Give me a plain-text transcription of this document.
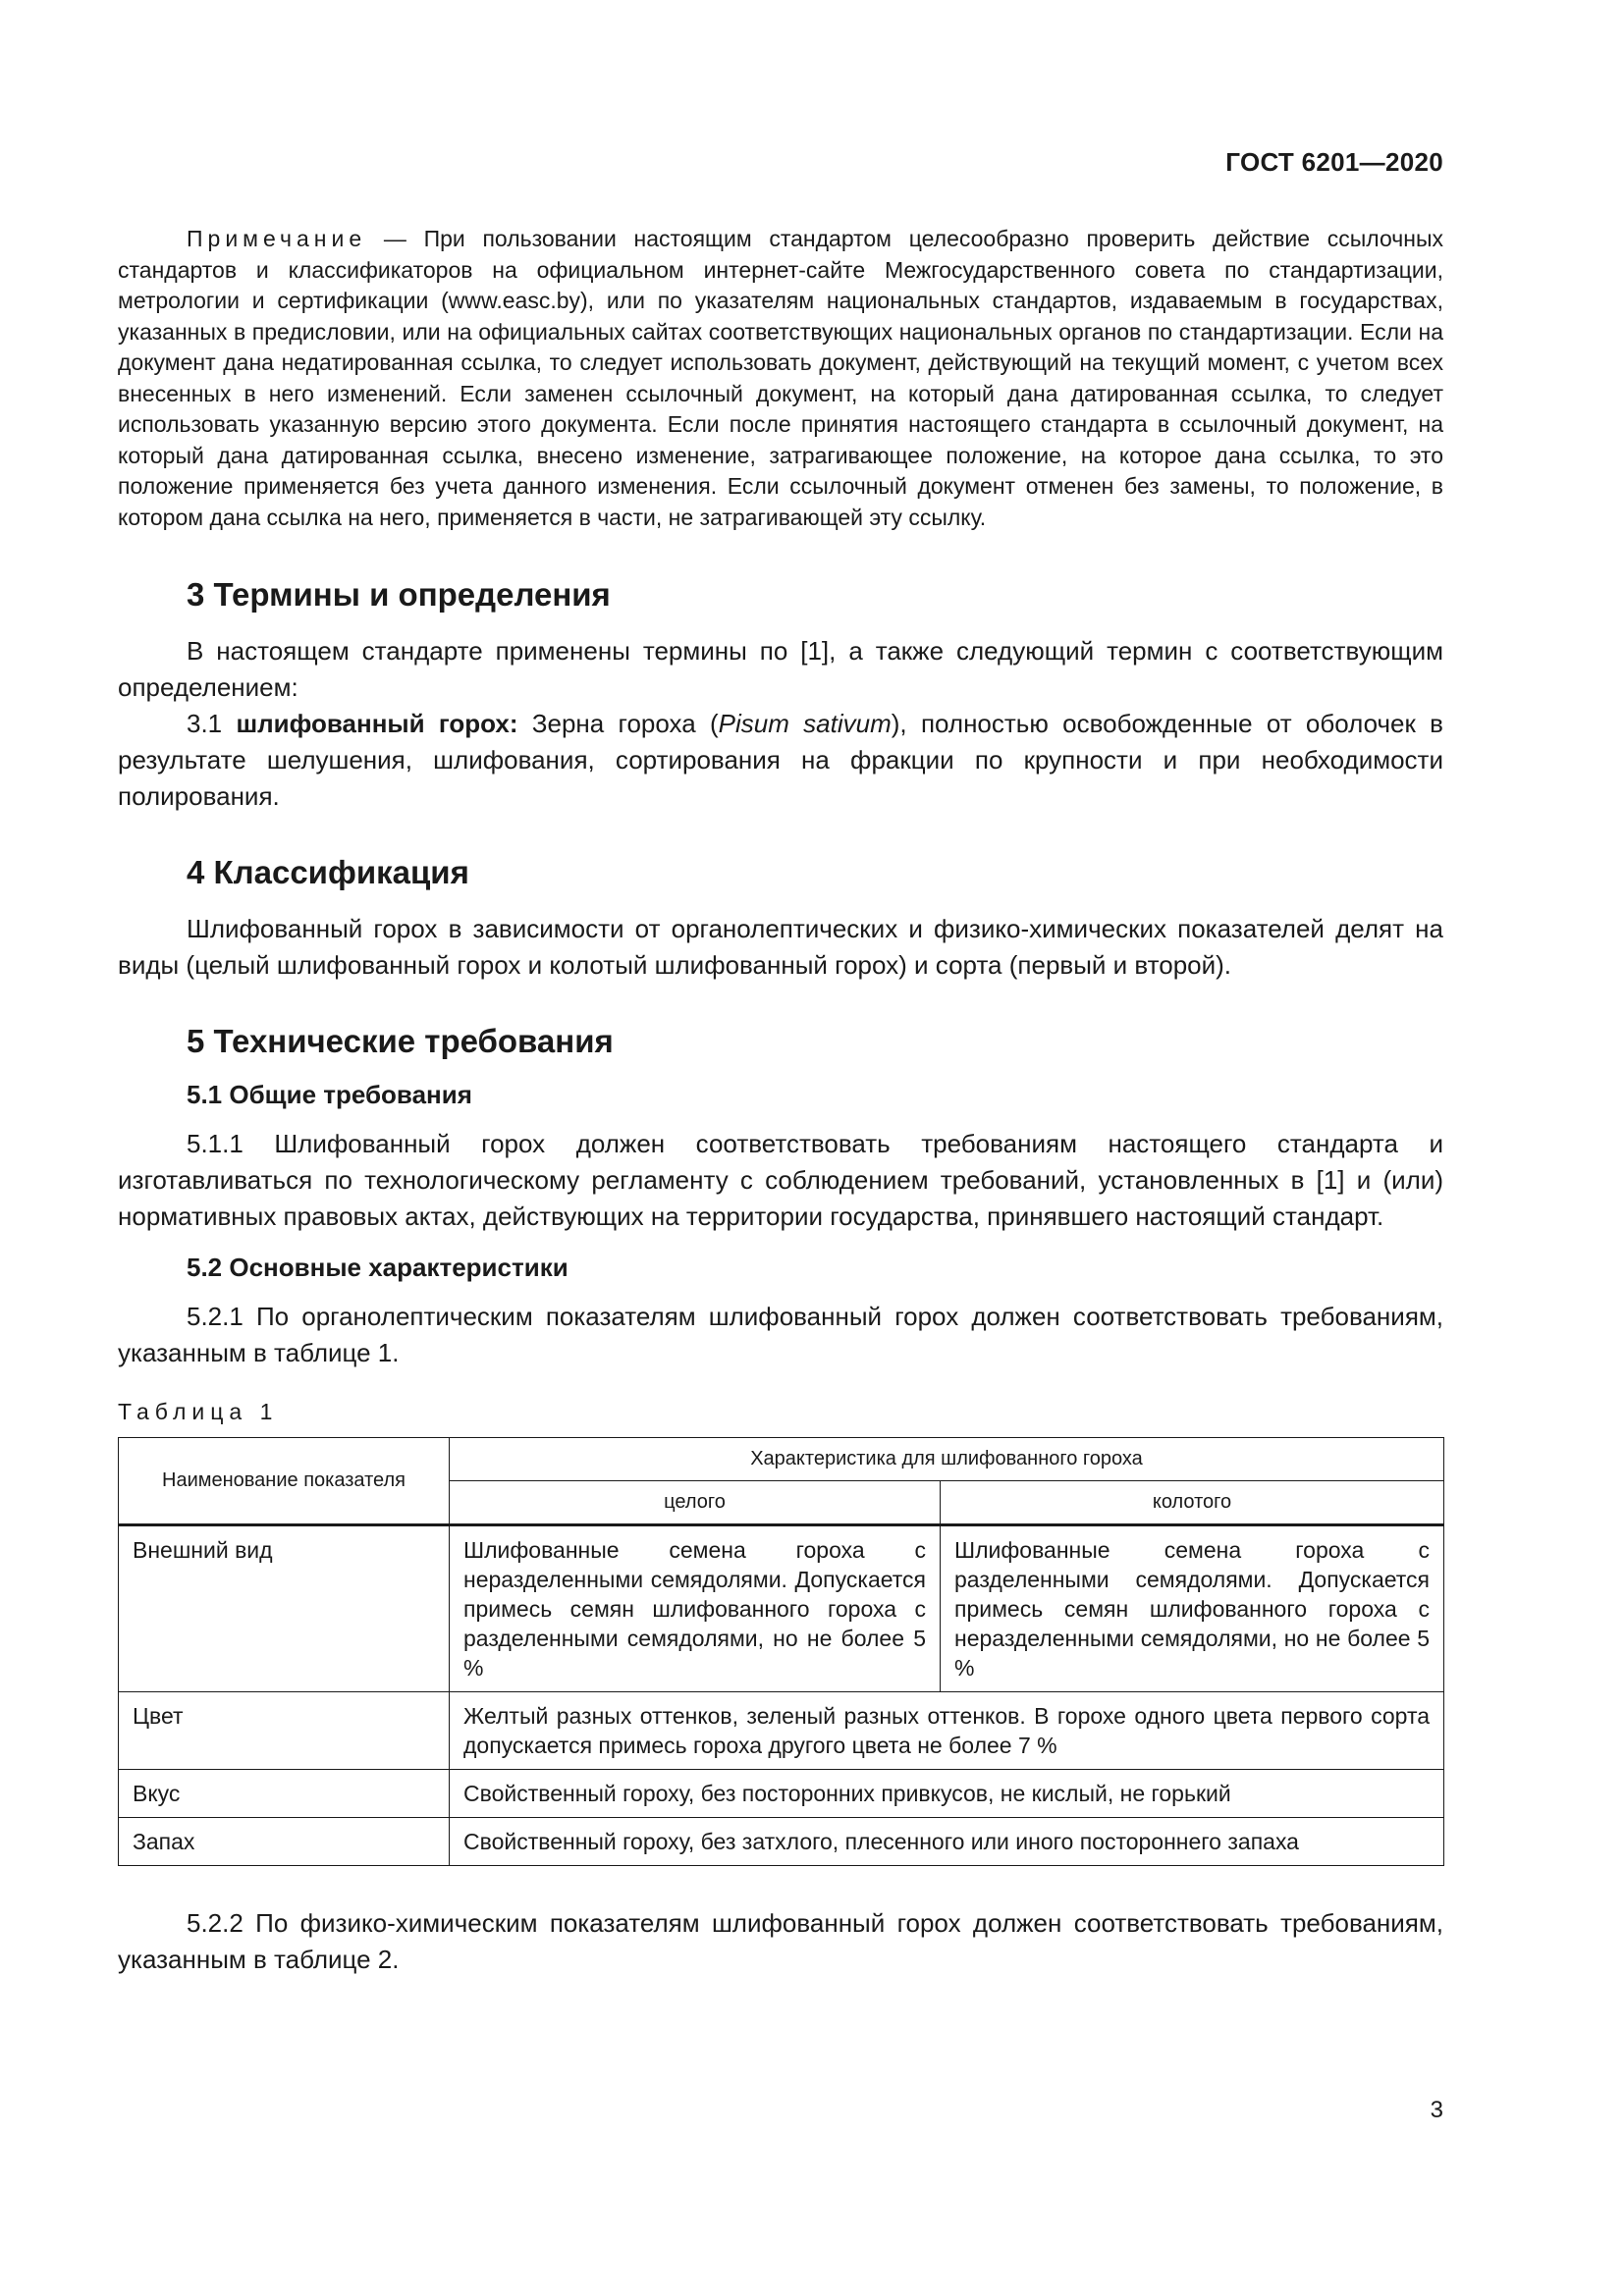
ГОСТ 6201—2020

Примечание — При пользовании настоящим стандартом целесообразно проверить действие ссылочных стандартов и классификаторов на официальном интернет-сайте Межгосударственного совета по стандартизации, метрологии и сертификации (www.easc.by), или по указателям национальных стандартов, издаваемым в государствах, указанных в предисловии, или на официальных сайтах соответствующих национальных органов по стандартизации. Если на документ дана недатированная ссылка, то следует использовать документ, действующий на текущий момент, с учетом всех внесенных в него изменений. Если заменен ссылочный документ, на который дана датированная ссылка, то следует использовать указанную версию этого документа. Если после принятия настоящего стандарта в ссылочный документ, на который дана датированная ссылка, внесено изменение, затрагивающее положение, на которое дана ссылка, то это положение применяется без учета данного изменения. Если ссылочный документ отменен без замены, то положение, в котором дана ссылка на него, применяется в части, не затрагивающей эту ссылку.

3 Термины и определения

В настоящем стандарте применены термины по [1], а также следующий термин с соответствующим определением:

3.1 шлифованный горох: Зерна гороха (Pisum sativum), полностью освобожденные от оболочек в результате шелушения, шлифования, сортирования на фракции по крупности и при необходимости полирования.

4 Классификация

Шлифованный горох в зависимости от органолептических и физико-химических показателей делят на виды (целый шлифованный горох и колотый шлифованный горох) и сорта (первый и второй).

5 Технические требования
5.1 Общие требования

5.1.1 Шлифованный горох должен соответствовать требованиям настоящего стандарта и изготавливаться по технологическому регламенту с соблюдением требований, установленных в [1] и (или) нормативных правовых актах, действующих на территории государства, принявшего настоящий стандарт.

5.2 Основные характеристики

5.2.1 По органолептическим показателям шлифованный горох должен соответствовать требованиям, указанным в таблице 1.

Таблица 1

Наименование показателя	Характеристика для шлифованного гороха	
	целого	колотого
Внешний вид	Шлифованные семена гороха с неразделенными семядолями. Допускается примесь семян шлифованного гороха с разделенными семядолями, но не более 5 %	Шлифованные семена гороха с разделенными семядолями. Допускается примесь семян шлифованного гороха с неразделенными семядолями, но не более 5 %
Цвет	Желтый разных оттенков, зеленый разных оттенков. В горохе одного цвета первого сорта допускается примесь гороха другого цвета не более 7 %	
Вкус	Свойственный гороху, без посторонних привкусов, не кислый, не горький	
Запах	Свойственный гороху, без затхлого, плесенного или иного постороннего запаха	

5.2.2 По физико-химическим показателям шлифованный горох должен соответствовать требованиям, указанным в таблице 2.

3
